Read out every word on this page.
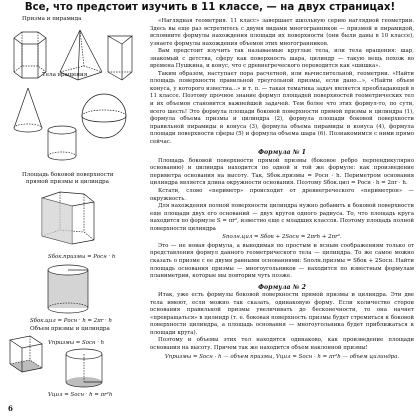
Все, что предстоит изучить в 11 классе, — на двух страницах!
Призма и пирамида
Тела вращения
Площадь боковой поверхности
прямой призмы и цилиндра
Sбок.призмы = Pосн · h
Sбок.цил = Pосн · h = 2πr · h
Объем призмы и цилиндра
Vпризмы = Sосн · h
Vцил = Sосн · h = πr²h

«Наглядная геометрия. 11 класс» завершает школьную серию наглядной геометрии. Здесь вы еще раз встретитесь с двумя видами многогранников — призмой и пирамидой, вспомните формулы нахождения площади их поверхности (они были даны в 10 классе), узнаете формулы нахождения объемов этих многогранников.

Вам предстоит изучить так называемые круглые тела, или тела вращения: шар, знакомый с детства, сферу как поверхность шара, цилиндр — такую вещь похож во времена Пушкина, и конус, что с древнегреческого переводится как «шишка».

Таким образом, наступает пора расчетной, или вычислительной, геометрии. «Найти площадь поверхности правильной треугольной призмы, если дано...», «Найти объем конуса, у которого известна...» и т. п. — такая тематика задач является преобладающей в 11 классе. Поэтому прочное знание формул площадей поверхностей геометрических тел и их объемов становится важнейшей задачей. Тем более что этих формул-то, по сути, всего шесть! Это формула площади боковой поверхности прямой призмы и цилиндра (1), формула объема призмы и цилиндра (2), формула площади боковой поверхности правильной пирамиды и конуса (3), формула объема пирамиды и конуса (4), формула площади поверхности сферы (5) и формула объема шара (6). Познакомимся с ними прямо сейчас.

Формула № 1

Площадь боковой поверхности прямой призмы (боковое ребро перпендикулярно основанию) и цилиндра находится по одной и той же формуле: как произведение периметра основания на высоту. Так, Sбок.призмы = Pосн · h. Периметром основания цилиндра является длина окружности основания. Поэтому Sбок.цил = Pосн · h = 2πr · h.

Кстати, слово «периметр» происходит от древнегреческого «периметрон» — окружность.

Для нахождения полной поверхности цилиндра нужно добавить к боковой поверхности еще площади двух его оснований — двух кругов одного радиуса. То, что площадь круга находится по формуле S = πr², известно еще с младших классов. Поэтому площадь полной поверхности цилиндра

Sполн.цил = Sбок + 2Sосн = 2πrh + 2πr².

Это — не новая формула, а выводимая по простым и ясным соображениям только от представления формул данного геометрического тела — цилиндра. То же самое можно сказать о призме с ее двумя равными основаниями: Sполн.призмы = Sбок + 2Sосн. Найти площадь основания призмы — многоугольников — находится по известным формулам планиметрии, которые мы повторим чуть позже.

Формула № 2

Итак, уже есть формулы боковой поверхности прямой призмы и цилиндра. Эти две тела имеют, если можно так сказать, одинаковую форму. Если количество сторон основания правильной призмы увеличивать до бесконечности, то она начнет «превращаться» в цилиндр (т. е. боковая поверхность призмы будет стремиться к боковой поверхности цилиндра, а площадь основания — многоугольника будет приближаться к площади круга).

Поэтому и объемы этих тел находятся одинаково, как произведение площади основания на высоту. Причем так же находится объем наклонной призмы!

Vпризмы = Sосн · h — объем призмы, Vцил = Sосн · h = πr²h — объем цилиндра.

6
